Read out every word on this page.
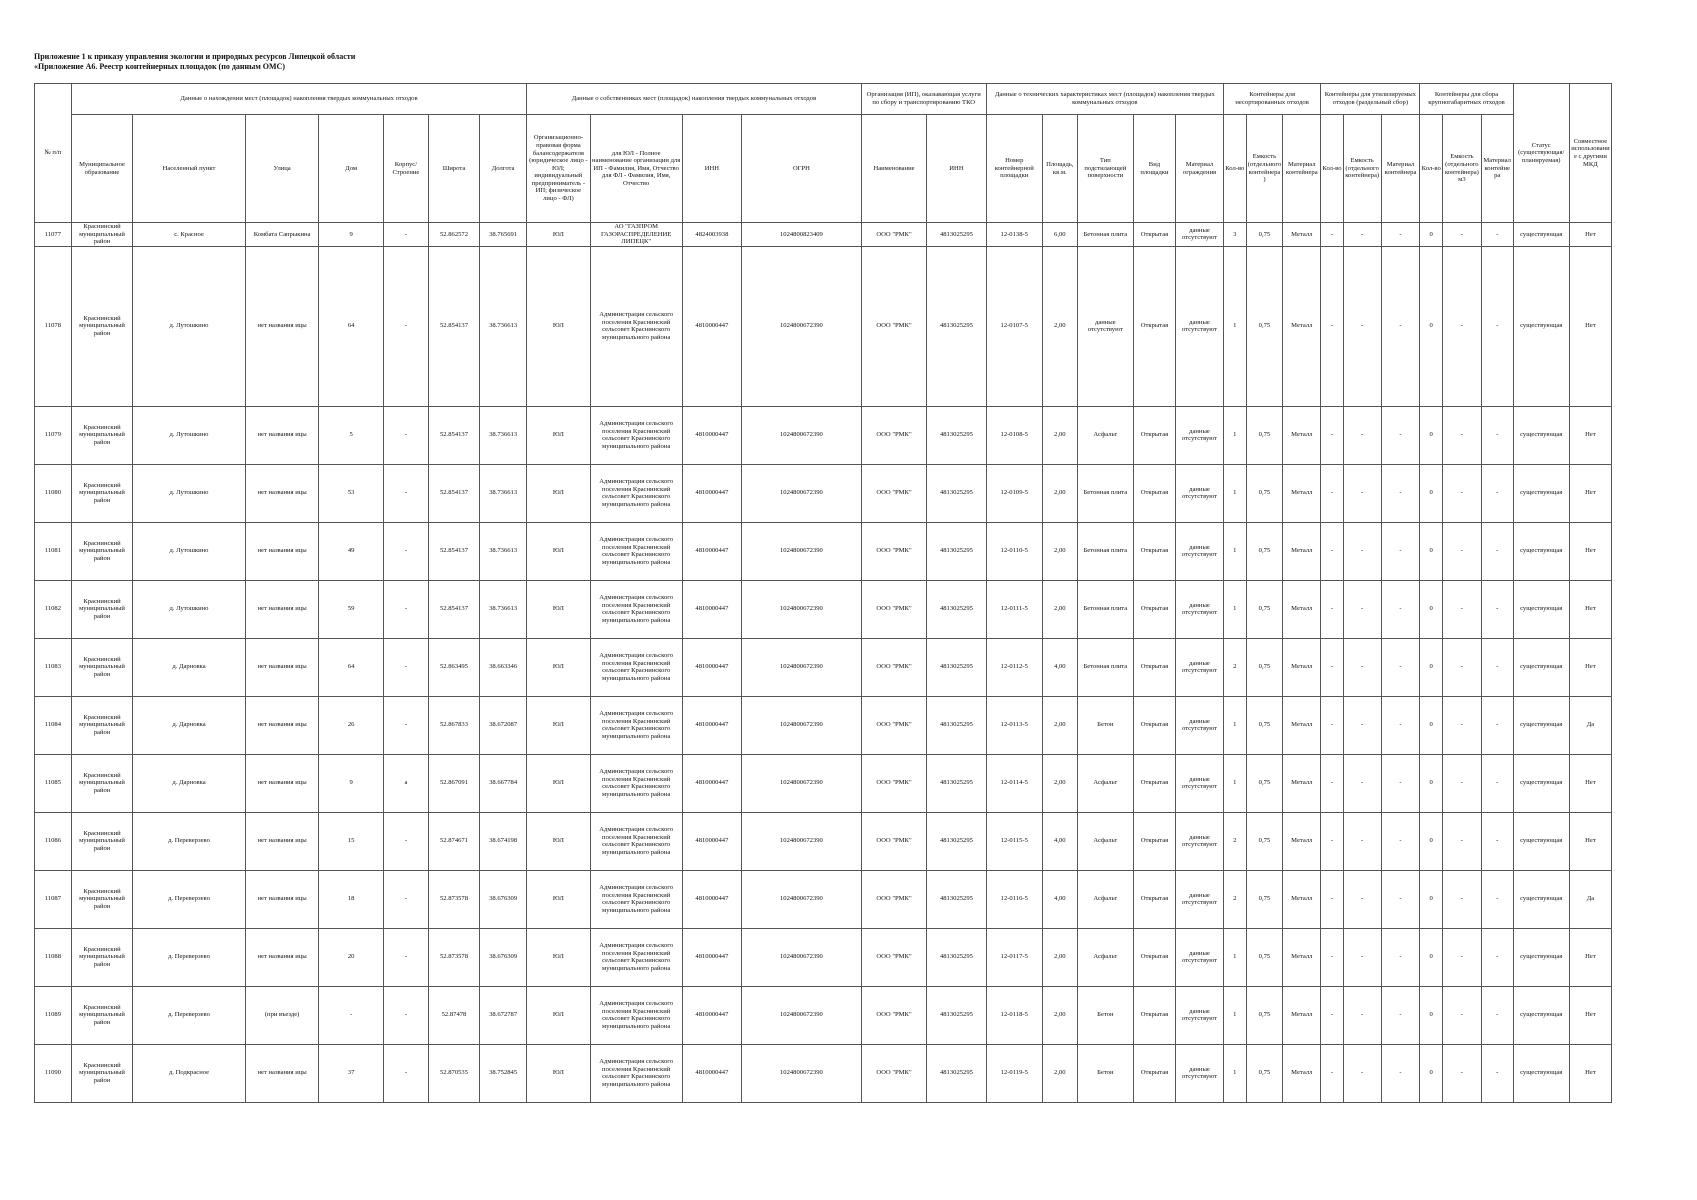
Приложение 1 к приказу управления экологии и природных ресурсов Липецкой области
«Приложение А6. Реестр контейнерных площадок (по данным ОМС)
№ п/п	Данные о нахождении мест (площадок) накопления твердых коммунальных отходов							Данные о собственниках мест (площадок) накопления твердых коммунальных отходов				Организация (ИП), оказывающая услуги по сбору и транспортированию ТКО		Данные о технических характеристиках мест (площадок) накопления твердых коммунальных отходов					Контейнеры для несортированных отходов			Контейнеры для утилизируемых отходов (раздельный сбор)			Контейнеры для сбора крупногабаритных отходов			Статус (существующая/ планируемая)	Совместное использование с другими МКД
	Муниципальное образование	Населенный пункт	Улица	Дом	Корпус/Строение	Широта	Долгота	Организационно-правовая форма балансодержателя (юридическое лицо - ЮЛ; индивидуальный предприниматель - ИП; физическое лицо - ФЛ)	для ЮЛ - Полное наименование организации для ИП - Фамилия, Имя, Отчество для ФЛ - Фамилия, Имя, Отчество	ИНН	ОГРН	Наименование	ИНН	Номер контейнерной площадки	Площадь, кв.м.	Тип подстилающей поверхности	Вид площадки	Материал ограждения	Кол-во	Емкость (отдельного контейнера)	Материал контейнера	Кол-во	Емкость (отдельного контейнера)	Материал контейнера	Кол-во	Емкость (отдельного контейнера) м3	Материал контейнера		
11077	Краснинский муниципальный район	с. Красное	Комбата Сапрыкина	9	-	52.862572	38.765691	ЮЛ	АО "ГАЗПРОМ ГАЗОРАСПРЕДЕЛЕНИЕ ЛИПЕЦК"	4824003938	1024800823409	ООО "РМК"	4813025295	12-0138-5	6,00	Бетонная плита	Открытая	данные отсутствуют	3	0,75	Металл	-	-	-	0	-	-	существующая	Нет
11078	Краснинский муниципальный район	д. Лутошкино	нет названия ицы	64	-	52.854137	38.736613	ЮЛ	Администрация сельского поселения Краснинский сельсовет Краснинского муниципального района	4810000447	1024800672390	ООО "РМК"	4813025295	12-0107-5	2,00	данные отсутствуют	Открытая	данные отсутствуют	1	0,75	Металл	-	-	-	0	-	-	существующая	Нет
11079	Краснинский муниципальный район	д. Лутошкино	нет названия ицы	5	-	52.854137	38.736613	ЮЛ	Администрация сельского поселения Краснинский сельсовет Краснинского муниципального района	4810000447	1024800672390	ООО "РМК"	4813025295	12-0108-5	2,00	Асфальт	Открытая	данные отсутствуют	1	0,75	Металл	-	-	-	0	-	-	существующая	Нет
11080	Краснинский муниципальный район	д. Лутошкино	нет названия ицы	53	-	52.854137	38.736613	ЮЛ	Администрация сельского поселения Краснинский сельсовет Краснинского муниципального района	4810000447	1024800672390	ООО "РМК"	4813025295	12-0109-5	2,00	Бетонная плита	Открытая	данные отсутствуют	1	0,75	Металл	-	-	-	0	-	-	существующая	Нет
11081	Краснинский муниципальный район	д. Лутошкино	нет названия ицы	49	-	52.854137	38.736613	ЮЛ	Администрация сельского поселения Краснинский сельсовет Краснинского муниципального района	4810000447	1024800672390	ООО "РМК"	4813025295	12-0110-5	2,00	Бетонная плита	Открытая	данные отсутствуют	1	0,75	Металл	-	-	-	0	-	-	существующая	Нет
11082	Краснинский муниципальный район	д. Лутошкино	нет названия ицы	59	-	52.854137	38.736613	ЮЛ	Администрация сельского поселения Краснинский сельсовет Краснинского муниципального района	4810000447	1024800672390	ООО "РМК"	4813025295	12-0111-5	2,00	Бетонная плита	Открытая	данные отсутствуют	1	0,75	Металл	-	-	-	0	-	-	существующая	Нет
11083	Краснинский муниципальный район	д. Дарновка	нет названия ицы	64	-	52.863495	38.663346	ЮЛ	Администрация сельского поселения Краснинский сельсовет Краснинского муниципального района	4810000447	1024800672390	ООО "РМК"	4813025295	12-0112-5	4,00	Бетонная плита	Открытая	данные отсутствуют	2	0,75	Металл	-	-	-	0	-	-	существующая	Нет
11084	Краснинский муниципальный район	д. Дарновка	нет названия ицы	26	-	52.867833	38.672087	ЮЛ	Администрация сельского поселения Краснинский сельсовет Краснинского муниципального района	4810000447	1024800672390	ООО "РМК"	4813025295	12-0113-5	2,00	Бетон	Открытая	данные отсутствуют	1	0,75	Металл	-	-	-	0	-	-	существующая	Да
11085	Краснинский муниципальный район	д. Дарновка	нет названия ицы	9	а	52.867091	38.667784	ЮЛ	Администрация сельского поселения Краснинский сельсовет Краснинского муниципального района	4810000447	1024800672390	ООО "РМК"	4813025295	12-0114-5	2,00	Асфальт	Открытая	данные отсутствуют	1	0,75	Металл	-	-	-	0	-	-	существующая	Нет
11086	Краснинский муниципальный район	д. Переверзево	нет названия ицы	15	-	52.874671	38.674198	ЮЛ	Администрация сельского поселения Краснинский сельсовет Краснинского муниципального района	4810000447	1024800672390	ООО "РМК"	4813025295	12-0115-5	4,00	Асфальт	Открытая	данные отсутствуют	2	0,75	Металл	-	-	-	0	-	-	существующая	Нет
11087	Краснинский муниципальный район	д. Переверзево	нет названия ицы	18	-	52.873578	38.676309	ЮЛ	Администрация сельского поселения Краснинский сельсовет Краснинского муниципального района	4810000447	1024800672390	ООО "РМК"	4813025295	12-0116-5	4,00	Асфальт	Открытая	данные отсутствуют	2	0,75	Металл	-	-	-	0	-	-	существующая	Да
11088	Краснинский муниципальный район	д. Переверзево	нет названия ицы	20	-	52.873578	38.676309	ЮЛ	Администрация сельского поселения Краснинский сельсовет Краснинского муниципального района	4810000447	1024800672390	ООО "РМК"	4813025295	12-0117-5	2,00	Асфальт	Открытая	данные отсутствуют	1	0,75	Металл	-	-	-	0	-	-	существующая	Нет
11089	Краснинский муниципальный район	д. Переверзево	(при въезде)	-	-	52.87478	38.672787	ЮЛ	Администрация сельского поселения Краснинский сельсовет Краснинского муниципального района	4810000447	1024800672390	ООО "РМК"	4813025295	12-0118-5	2,00	Бетон	Открытая	данные отсутствуют	1	0,75	Металл	-	-	-	0	-	-	существующая	Нет
11090	Краснинский муниципальный район	д. Подкрасное	нет названия ицы	37	-	52.870535	38.752845	ЮЛ	Администрация сельского поселения Краснинский сельсовет Краснинского муниципального района	4810000447	1024800672390	ООО "РМК"	4813025295	12-0119-5	2,00	Бетон	Открытая	данные отсутствуют	1	0,75	Металл	-	-	-	0	-	-	существующая	Нет
